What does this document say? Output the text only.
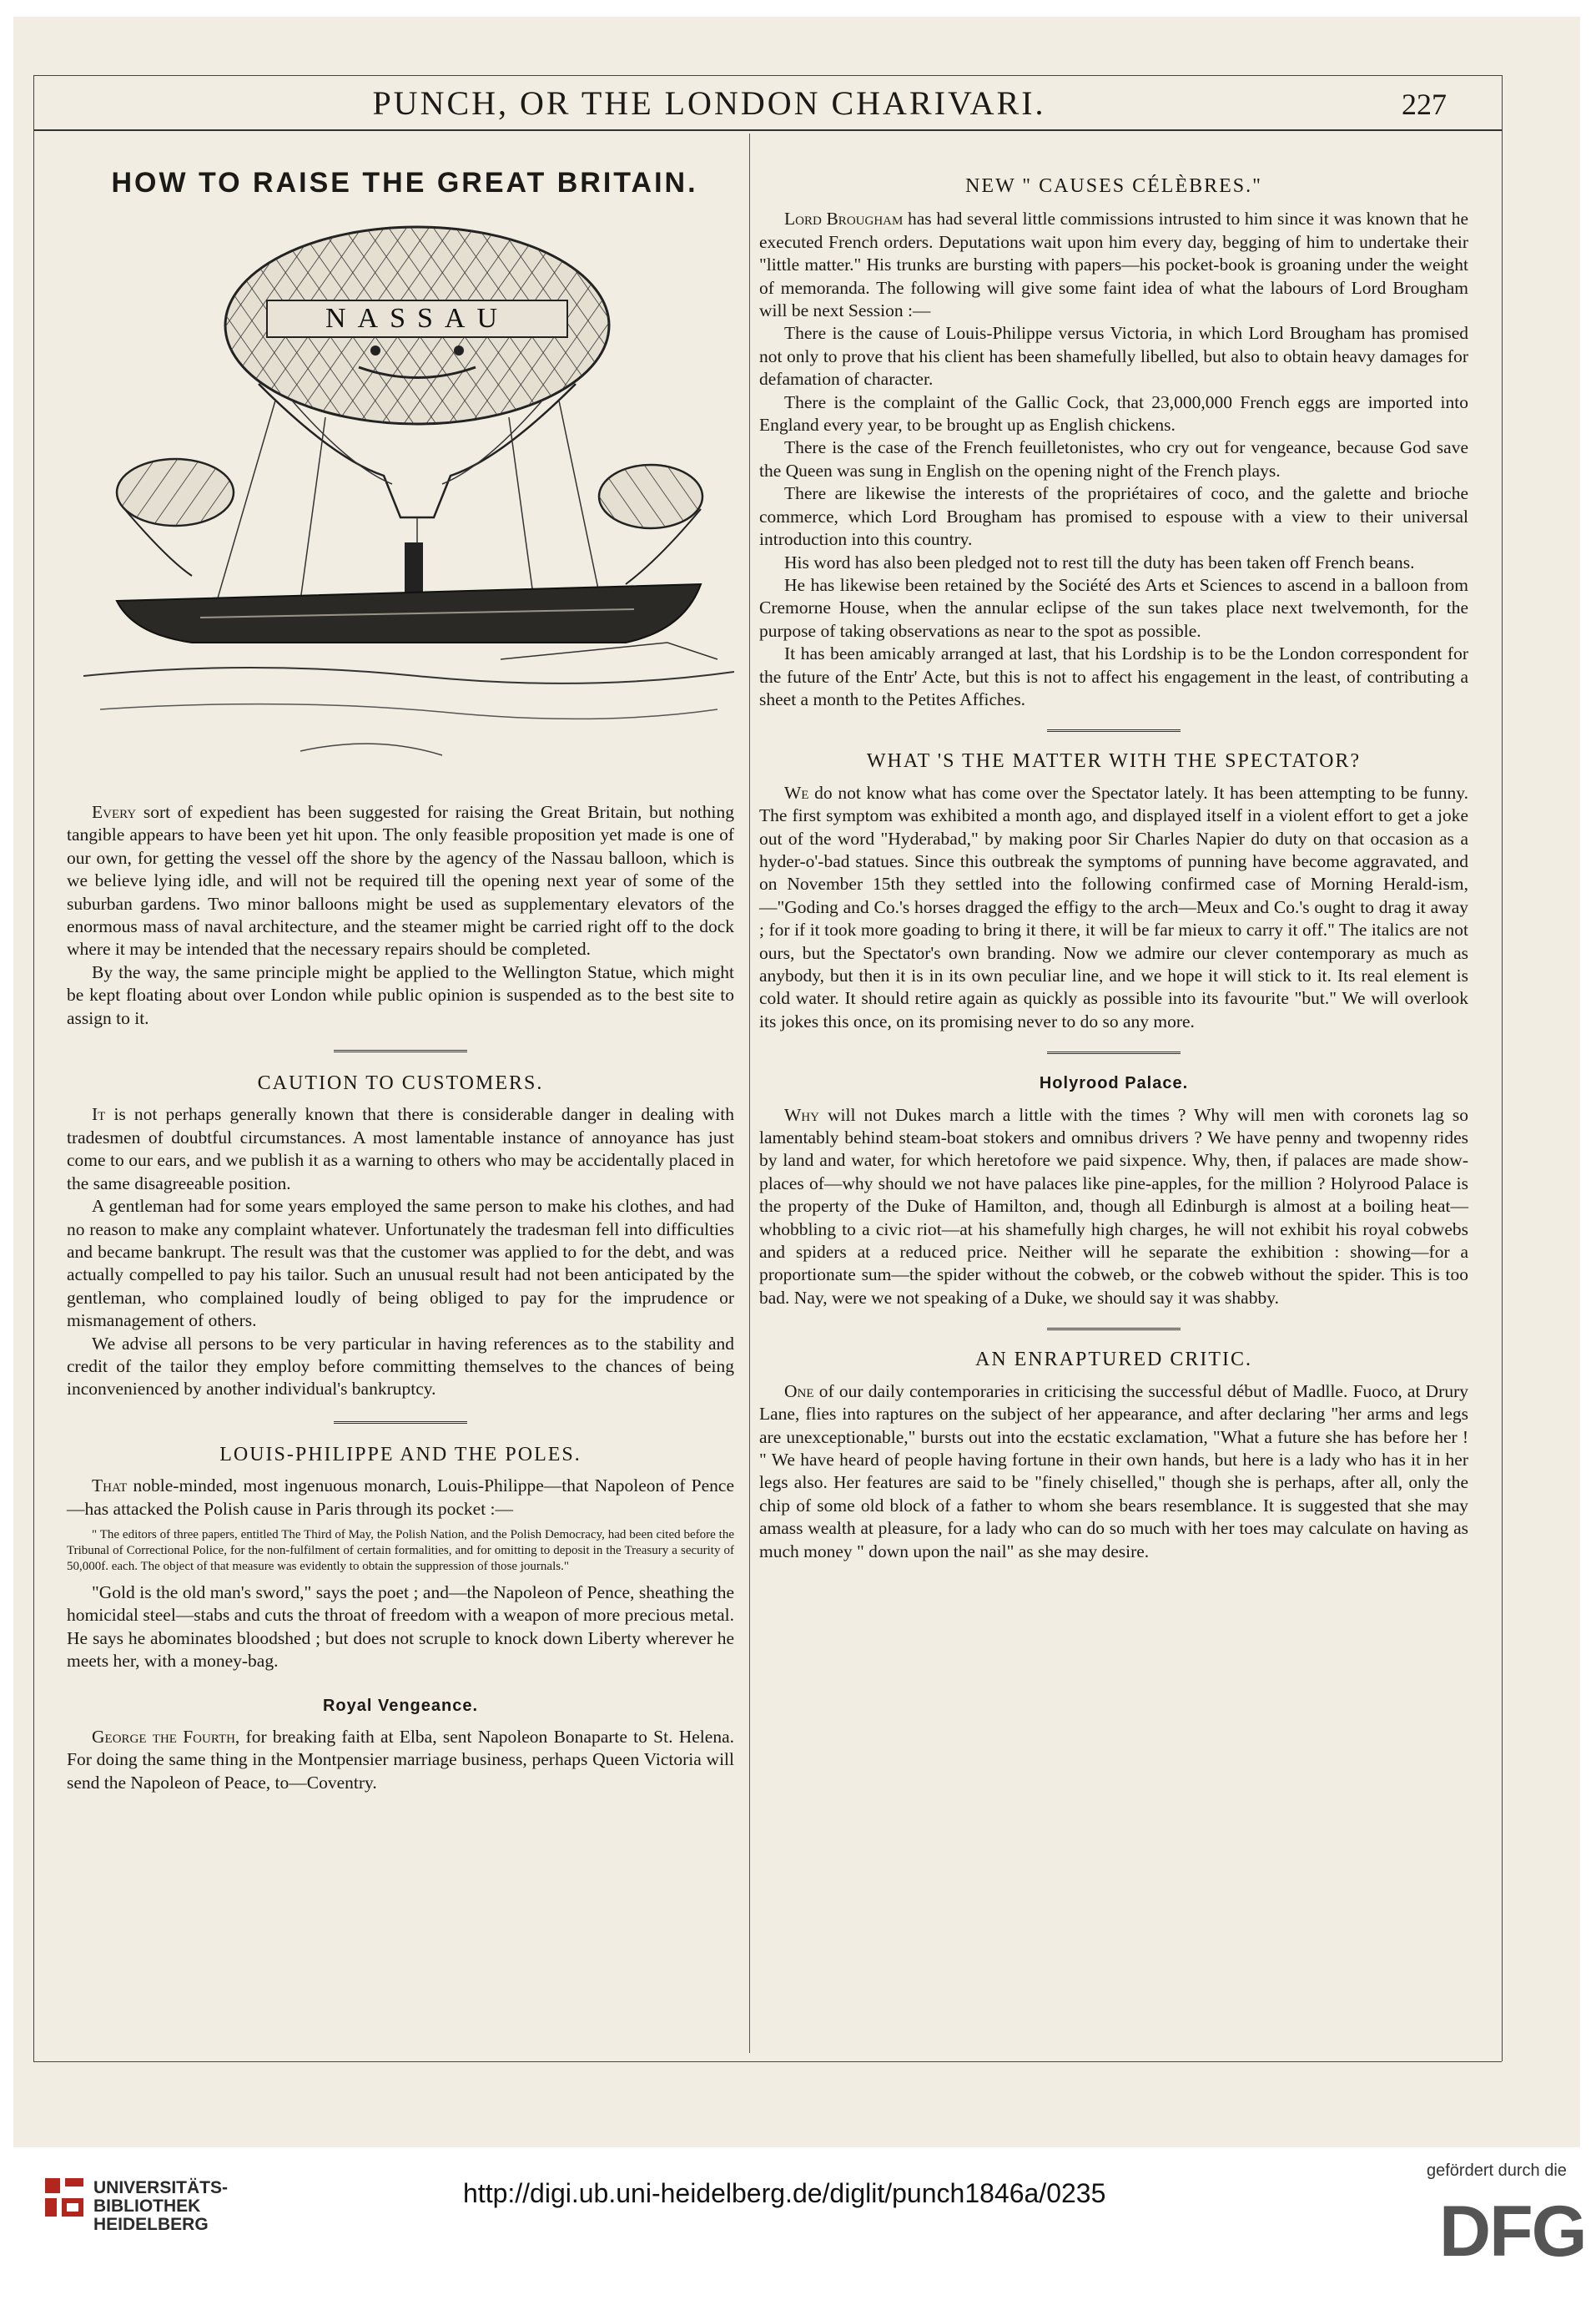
PUNCH, OR THE LONDON CHARIVARI.	227
HOW TO RAISE THE GREAT BRITAIN.
NASSAU

Every sort of expedient has been suggested for raising the Great Britain, but nothing tangible appears to have been yet hit upon. The only feasible proposition yet made is one of our own, for getting the vessel off the shore by the agency of the Nassau balloon, which is we believe lying idle, and will not be required till the opening next year of some of the suburban gardens. Two minor balloons might be used as supplementary elevators of the enormous mass of naval architecture, and the steamer might be carried right off to the dock where it may be intended that the necessary repairs should be completed.

By the way, the same principle might be applied to the Wellington Statue, which might be kept floating about over London while public opinion is suspended as to the best site to assign to it.

CAUTION TO CUSTOMERS.

It is not perhaps generally known that there is considerable danger in dealing with tradesmen of doubtful circumstances. A most lamentable instance of annoyance has just come to our ears, and we publish it as a warning to others who may be accidentally placed in the same disagreeable position.

A gentleman had for some years employed the same person to make his clothes, and had no reason to make any complaint whatever. Unfortunately the tradesman fell into difficulties and became bankrupt. The result was that the customer was applied to for the debt, and was actually compelled to pay his tailor. Such an unusual result had not been anticipated by the gentleman, who complained loudly of being obliged to pay for the imprudence or mismanagement of others.

We advise all persons to be very particular in having references as to the stability and credit of the tailor they employ before committing themselves to the chances of being inconvenienced by another individual's bankruptcy.

LOUIS-PHILIPPE AND THE POLES.

That noble-minded, most ingenuous monarch, Louis-Philippe—that Napoleon of Pence—has attacked the Polish cause in Paris through its pocket :—

" The editors of three papers, entitled The Third of May, the Polish Nation, and the Polish Democracy, had been cited before the Tribunal of Correctional Police, for the non-fulfilment of certain formalities, and for omitting to deposit in the Treasury a security of 50,000f. each. The object of that measure was evidently to obtain the suppression of those journals."

"Gold is the old man's sword," says the poet ; and—the Napoleon of Pence, sheathing the homicidal steel—stabs and cuts the throat of freedom with a weapon of more precious metal. He says he abominates bloodshed ; but does not scruple to knock down Liberty wherever he meets her, with a money-bag.

Royal Vengeance.

George the Fourth, for breaking faith at Elba, sent Napoleon Bonaparte to St. Helena. For doing the same thing in the Montpensier marriage business, perhaps Queen Victoria will send the Napoleon of Peace, to—Coventry.

NEW " CAUSES CÉLÈBRES."

Lord Brougham has had several little commissions intrusted to him since it was known that he executed French orders. Deputations wait upon him every day, begging of him to undertake their "little matter." His trunks are bursting with papers—his pocket-book is groaning under the weight of memoranda. The following will give some faint idea of what the labours of Lord Brougham will be next Session :—

There is the cause of Louis-Philippe versus Victoria, in which Lord Brougham has promised not only to prove that his client has been shamefully libelled, but also to obtain heavy damages for defamation of character.

There is the complaint of the Gallic Cock, that 23,000,000 French eggs are imported into England every year, to be brought up as English chickens.

There is the case of the French feuilletonistes, who cry out for vengeance, because God save the Queen was sung in English on the opening night of the French plays.

There are likewise the interests of the propriétaires of coco, and the galette and brioche commerce, which Lord Brougham has promised to espouse with a view to their universal introduction into this country.

His word has also been pledged not to rest till the duty has been taken off French beans.

He has likewise been retained by the Société des Arts et Sciences to ascend in a balloon from Cremorne House, when the annular eclipse of the sun takes place next twelvemonth, for the purpose of taking observations as near to the spot as possible.

It has been amicably arranged at last, that his Lordship is to be the London correspondent for the future of the Entr' Acte, but this is not to affect his engagement in the least, of contributing a sheet a month to the Petites Affiches.

WHAT 'S THE MATTER WITH THE SPECTATOR?

We do not know what has come over the Spectator lately. It has been attempting to be funny. The first symptom was exhibited a month ago, and displayed itself in a violent effort to get a joke out of the word "Hyderabad," by making poor Sir Charles Napier do duty on that occasion as a hyder-o'-bad statues. Since this outbreak the symptoms of punning have become aggravated, and on November 15th they settled into the following confirmed case of Morning Herald-ism, —"Goding and Co.'s horses dragged the effigy to the arch—Meux and Co.'s ought to drag it away ; for if it took more goading to bring it there, it will be far mieux to carry it off." The italics are not ours, but the Spectator's own branding. Now we admire our clever contemporary as much as anybody, but then it is in its own peculiar line, and we hope it will stick to it. Its real element is cold water. It should retire again as quickly as possible into its favourite "but." We will overlook its jokes this once, on its promising never to do so any more.

Holyrood Palace.

Why will not Dukes march a little with the times ? Why will men with coronets lag so lamentably behind steam-boat stokers and omnibus drivers ? We have penny and twopenny rides by land and water, for which heretofore we paid sixpence. Why, then, if palaces are made show-places of—why should we not have palaces like pine-apples, for the million ? Holyrood Palace is the property of the Duke of Hamilton, and, though all Edinburgh is almost at a boiling heat—whobbling to a civic riot—at his shamefully high charges, he will not exhibit his royal cobwebs and spiders at a reduced price. Neither will he separate the exhibition : showing—for a proportionate sum—the spider without the cobweb, or the cobweb without the spider. This is too bad. Nay, were we not speaking of a Duke, we should say it was shabby.

AN ENRAPTURED CRITIC.

One of our daily contemporaries in criticising the successful début of Madlle. Fuoco, at Drury Lane, flies into raptures on the subject of her appearance, and after declaring "her arms and legs are unexceptionable," bursts out into the ecstatic exclamation, "What a future she has before her ! " We have heard of people having fortune in their own hands, but here is a lady who has it in her legs also. Her features are said to be "finely chiselled," though she is perhaps, after all, only the chip of some old block of a father to whom she bears resemblance. It is suggested that she may amass wealth at pleasure, for a lady who can do so much with her toes may calculate on having as much money " down upon the nail" as she may desire.

UNIVERSITÄTS-
BIBLIOTHEK
HEIDELBERG
http://digi.ub.uni-heidelberg.de/diglit/punch1846a/0235
gefördert durch die
DFG
